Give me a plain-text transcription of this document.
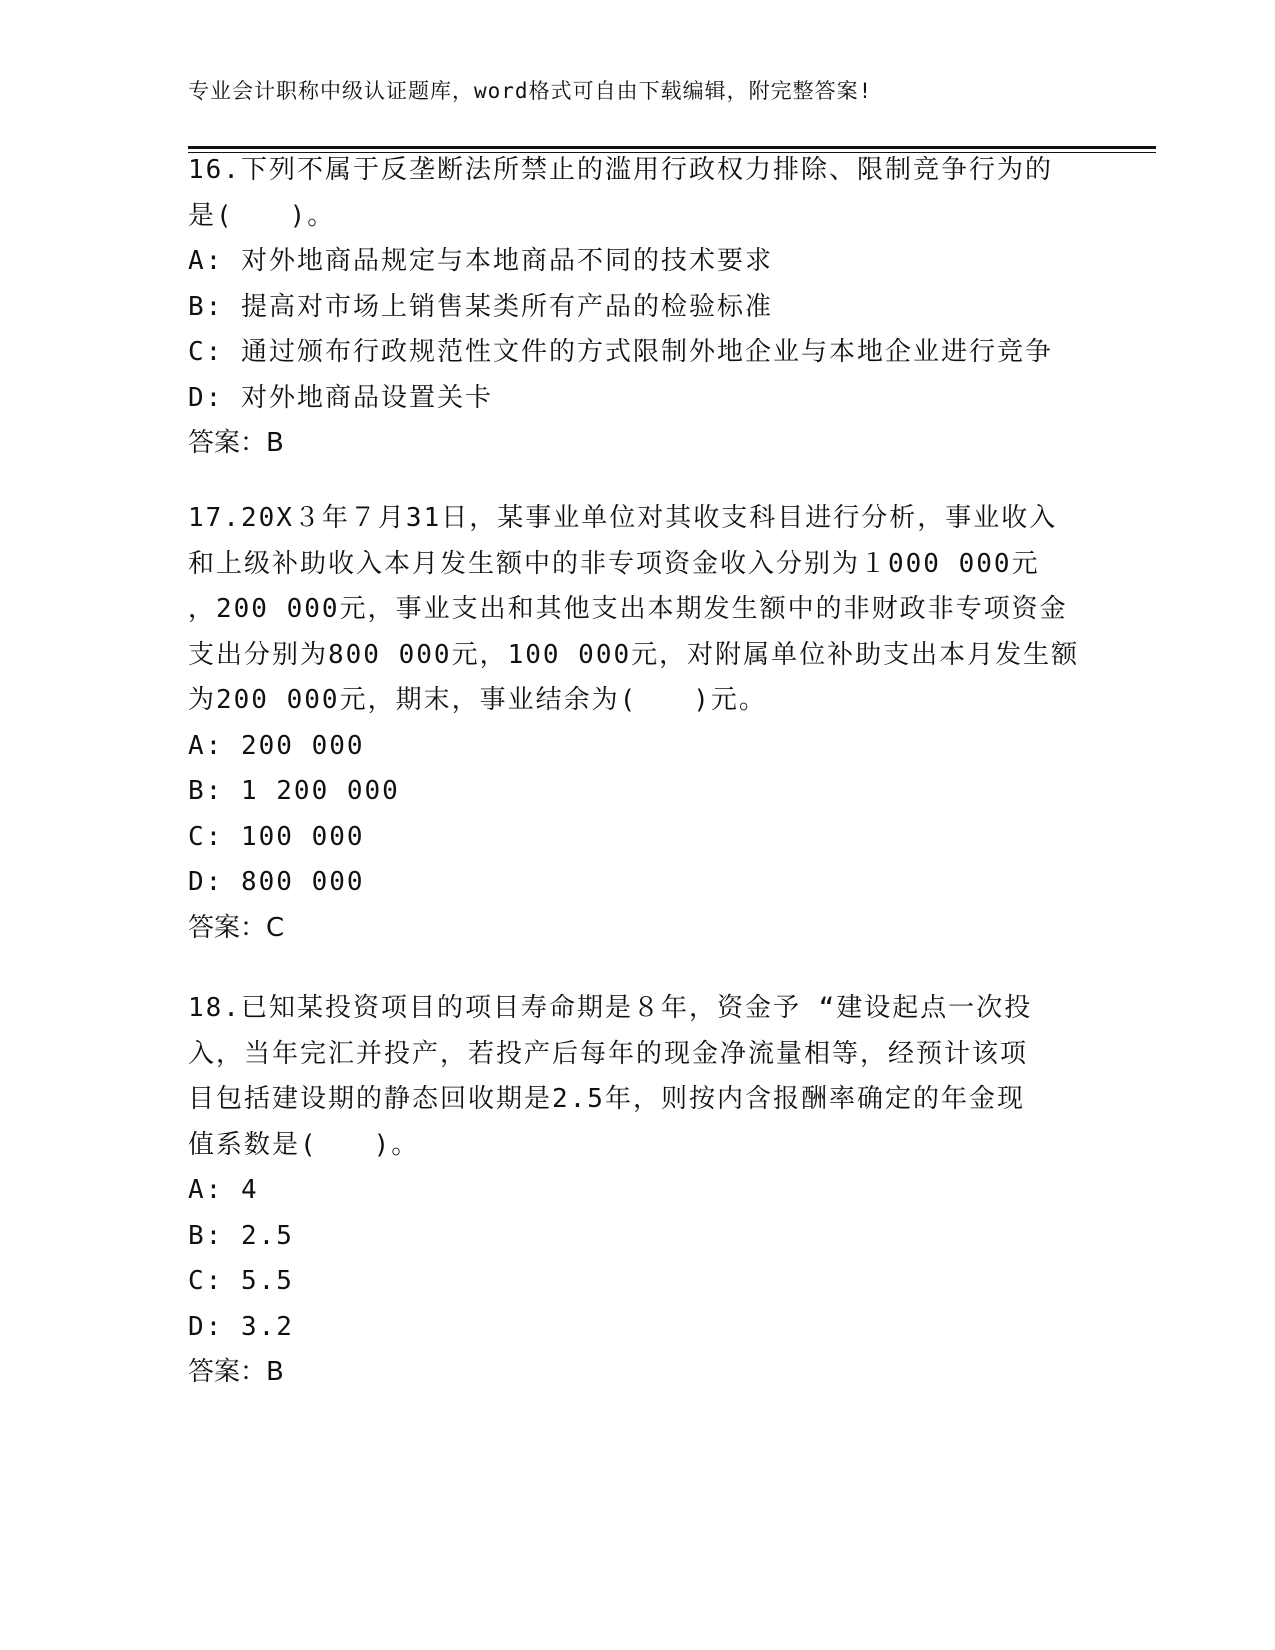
专业会计职称中级认证题库，word格式可自由下载编辑，附完整答案!

16.下列不属于反垄断法所禁止的滥用行政权力排除、限制竞争行为的

是(　　)。

A: 对外地商品规定与本地商品不同的技术要求

B: 提高对市场上销售某类所有产品的检验标准

C: 通过颁布行政规范性文件的方式限制外地企业与本地企业进行竞争

D: 对外地商品设置关卡

答案：B

17.20X３年７月31日，某事业单位对其收支科目进行分析，事业收入

和上级补助收入本月发生额中的非专项资金收入分别为１000 000元

，200 000元，事业支出和其他支出本期发生额中的非财政非专项资金

支出分别为800 000元，100 000元，对附属单位补助支出本月发生额

为200 000元，期末，事业结余为(　　)元。

A: 200 000

B: 1 200 000

C: 100 000

D: 800 000

答案：C

18.已知某投资项目的项目寿命期是８年，资金予 “建设起点一次投

入，当年完汇并投产，若投产后每年的现金净流量相等，经预计该项

目包括建设期的静态回收期是2.5年，则按内含报酬率确定的年金现

值系数是(　　)。

A: 4

B: 2.5

C: 5.5

D: 3.2

答案：B
